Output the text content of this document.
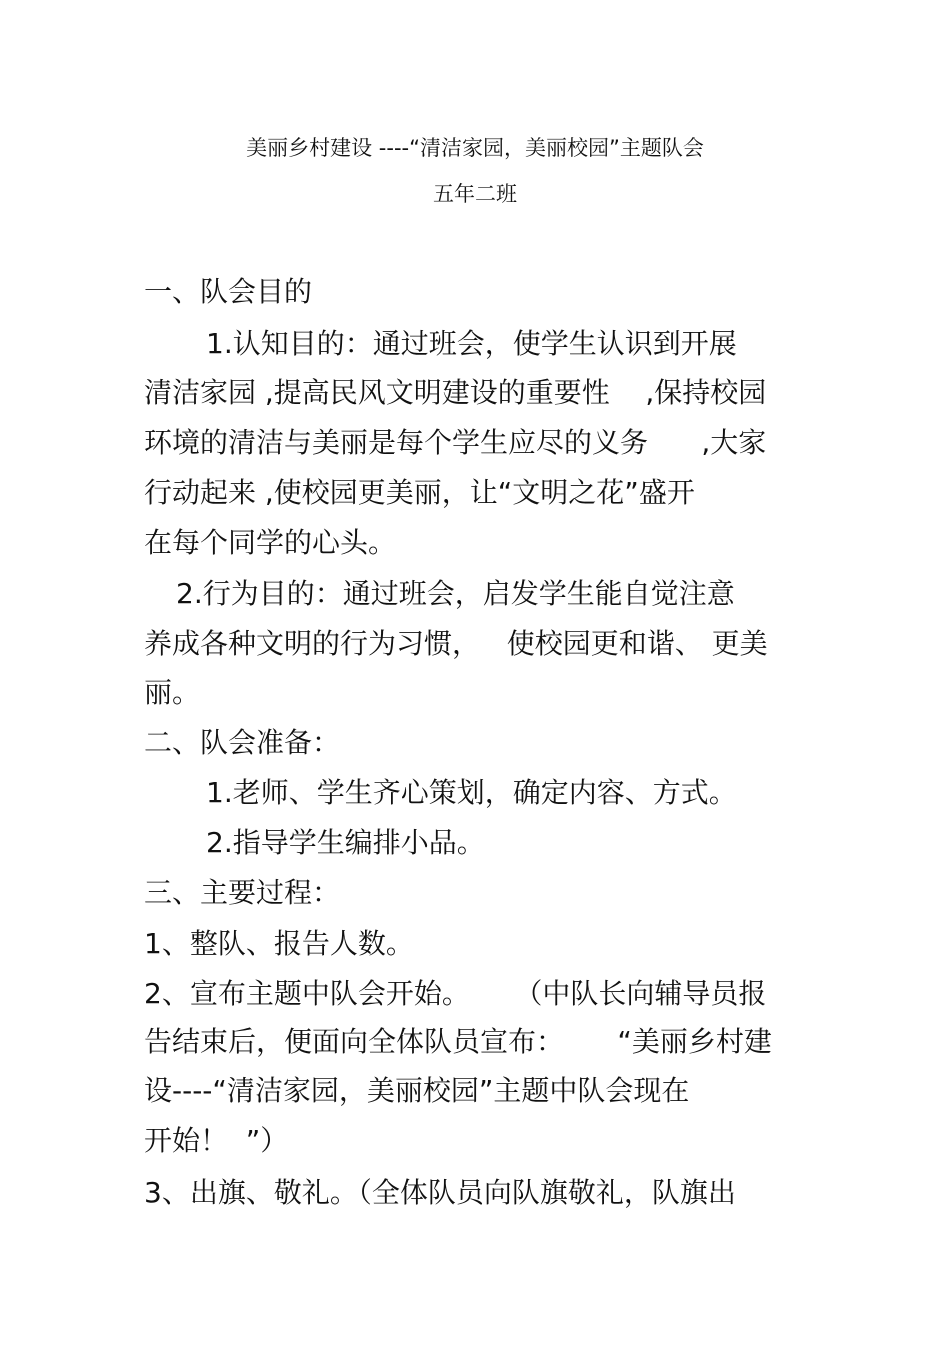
美丽乡村建设 ----“清洁家园，美丽校园”主题队会
五年二班
一、队会目的
1.认知目的：通过班会，使学生认识到开展
清洁家园 ,提高民风文明建设的重要性    ,保持校园
环境的清洁与美丽是每个学生应尽的义务      ,大家
行动起来 ,使校园更美丽，让“文明之花”盛开
在每个同学的心头。
2.行为目的：通过班会，启发学生能自觉注意
养成各种文明的行为习惯，   使校园更和谐、 更美
丽。
二、队会准备：
1.老师、学生齐心策划，确定内容、方式。
2.指导学生编排小品。
三、主要过程：
1、整队、报告人数。
2、宣布主题中队会开始。     （中队长向辅导员报
告结束后，便面向全体队员宣布：      “美丽乡村建
设----“清洁家园，美丽校园”主题中队会现在
开始！  ”）
3、出旗、敬礼。（全体队员向队旗敬礼，队旗出
